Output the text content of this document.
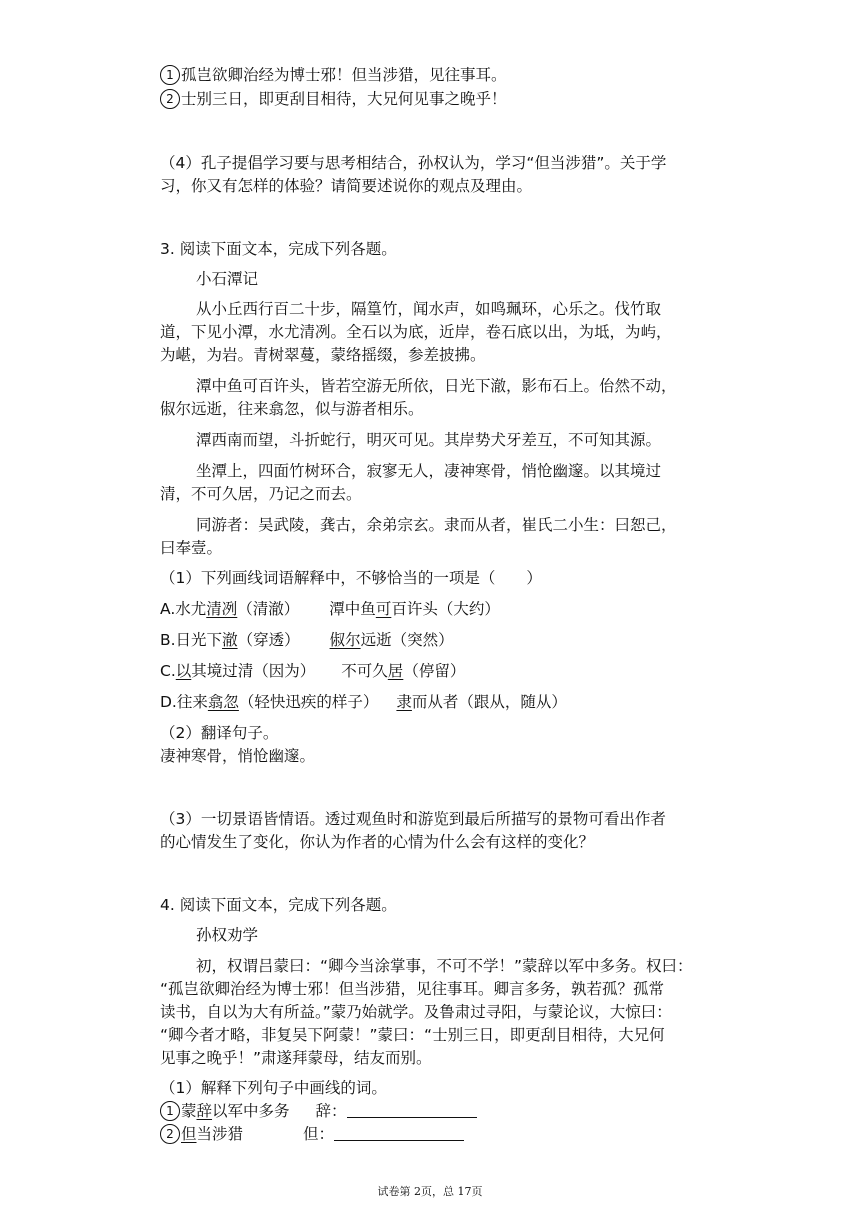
1 孤岂欲卿治经为博士邪！但当涉猎，见往事耳。
2 士别三日，即更刮目相待，大兄何见事之晚乎！
（4）孔子提倡学习要与思考相结合，孙权认为，学习“但当涉猎”。关于学
习，你又有怎样的体验？请简要述说你的观点及理由。
3. 阅读下面文本，完成下列各题。
小石潭记
从小丘西行百二十步，隔篁竹，闻水声，如鸣珮环，心乐之。伐竹取
道，下见小潭，水尤清冽。全石以为底，近岸，卷石底以出，为坻，为屿，
为嵁，为岩。青树翠蔓，蒙络摇缀，参差披拂。
潭中鱼可百许头，皆若空游无所依，日光下澈，影布石上。佁然不动，
俶尔远逝，往来翕忽，似与游者相乐。
潭西南而望，斗折蛇行，明灭可见。其岸势犬牙差互，不可知其源。
坐潭上，四面竹树环合，寂寥无人，凄神寒骨，悄怆幽邃。以其境过
清，不可久居，乃记之而去。
同游者：吴武陵，龚古，余弟宗玄。隶而从者，崔氏二小生：曰恕己，
曰奉壹。
（1）下列画线词语解释中，不够恰当的一项是（　　）
A.水尤清冽（清澈） 潭中鱼可百许头（大约）
B.日光下澈（穿透） 俶尔远逝（突然）
C.以其境过清（因为） 不可久居（停留）
D.往来翕忽（轻快迅疾的样子） 隶而从者（跟从，随从）
（2）翻译句子。
凄神寒骨，悄怆幽邃。
（3）一切景语皆情语。透过观鱼时和游览到最后所描写的景物可看出作者
的心情发生了变化，你认为作者的心情为什么会有这样的变化？
4. 阅读下面文本，完成下列各题。
孙权劝学
初，权谓吕蒙曰：“卿今当涂掌事，不可不学！”蒙辞以军中多务。权曰：
“孤岂欲卿治经为博士邪！但当涉猎，见往事耳。卿言多务，孰若孤？孤常
读书，自以为大有所益。”蒙乃始就学。及鲁肃过寻阳，与蒙论议，大惊曰：
“卿今者才略，非复吴下阿蒙！”蒙曰：“士别三日，即更刮目相待，大兄何
见事之晚乎！”肃遂拜蒙母，结友而别。
（1）解释下列句子中画线的词。
1 蒙辞以军中多务 辞：
2 但当涉猎	但：
试卷第 2页，总 17页
